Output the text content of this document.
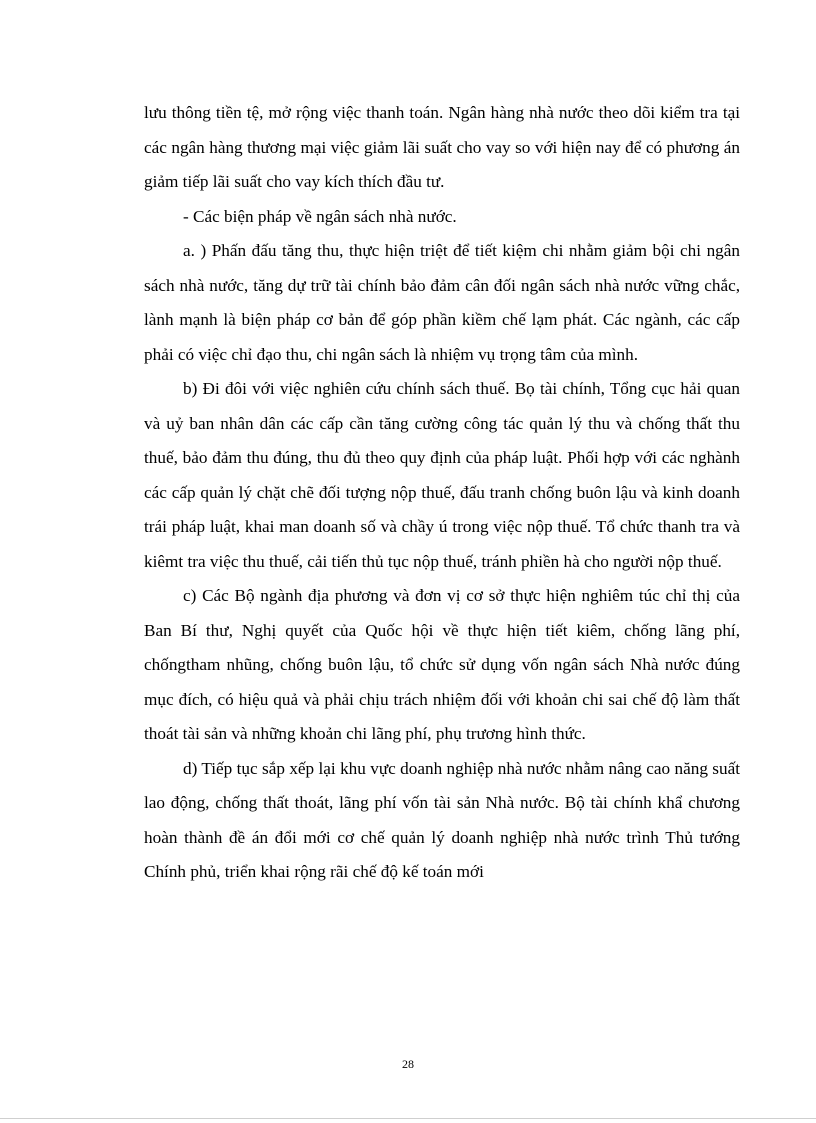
lưu thông tiền tệ, mở rộng việc thanh toán. Ngân hàng nhà nước theo dõi kiểm tra tại các ngân hàng thương mại việc giảm lãi suất cho vay so với hiện nay để có phương án giảm tiếp lãi suất cho vay kích thích đầu tư.

- Các biện pháp về ngân sách nhà nước.

a. ) Phấn đấu tăng thu, thực hiện triệt để tiết kiệm chi nhằm giảm bội chi ngân sách nhà nước, tăng dự trữ tài chính bảo đảm cân đối ngân sách nhà nước vững chắc, lành mạnh là biện pháp cơ bản để góp phần kiềm chế lạm phát. Các ngành, các cấp phải có việc chỉ đạo thu, chi ngân sách là nhiệm vụ trọng tâm của mình.

b) Đi đôi với việc nghiên cứu chính sách thuế. Bọ tài chính, Tổng cục hải quan và uỷ ban nhân dân các cấp cần tăng cường công tác quản lý thu và chống thất thu thuế, bảo đảm thu đúng, thu đủ theo quy định của pháp luật. Phối hợp với các nghành các cấp quản lý chặt chẽ đối tượng nộp thuế, đấu tranh chống buôn lậu và kinh doanh trái pháp luật, khai man doanh số và chầy ú trong việc nộp thuế. Tổ chức thanh tra và kiêmt tra việc thu thuế, cải tiến thủ tục nộp thuế, tránh phiền hà cho người nộp thuế.

c) Các Bộ ngành địa phương và đơn vị cơ sở thực hiện nghiêm túc chỉ thị của Ban Bí thư, Nghị quyết của Quốc hội về thực hiện tiết kiêm, chống lãng phí, chốngtham nhũng, chống buôn lậu, tổ chức sử dụng vốn ngân sách Nhà nước đúng mục đích, có hiệu quả và phải chịu trách nhiệm đối với khoản chi sai chế độ làm thất thoát tài sản và những khoản chi lãng phí, phụ trương hình thức.

d) Tiếp tục sắp xếp lại khu vực doanh nghiệp nhà nước nhằm nâng cao năng suất lao động, chống thất thoát, lãng phí vốn tài sản Nhà nước. Bộ tài chính khẩ chương hoàn thành đề án đổi mới cơ chế quản lý doanh nghiệp nhà nước trình Thủ tướng Chính phủ, triển khai rộng rãi chế độ kế toán mới

28
